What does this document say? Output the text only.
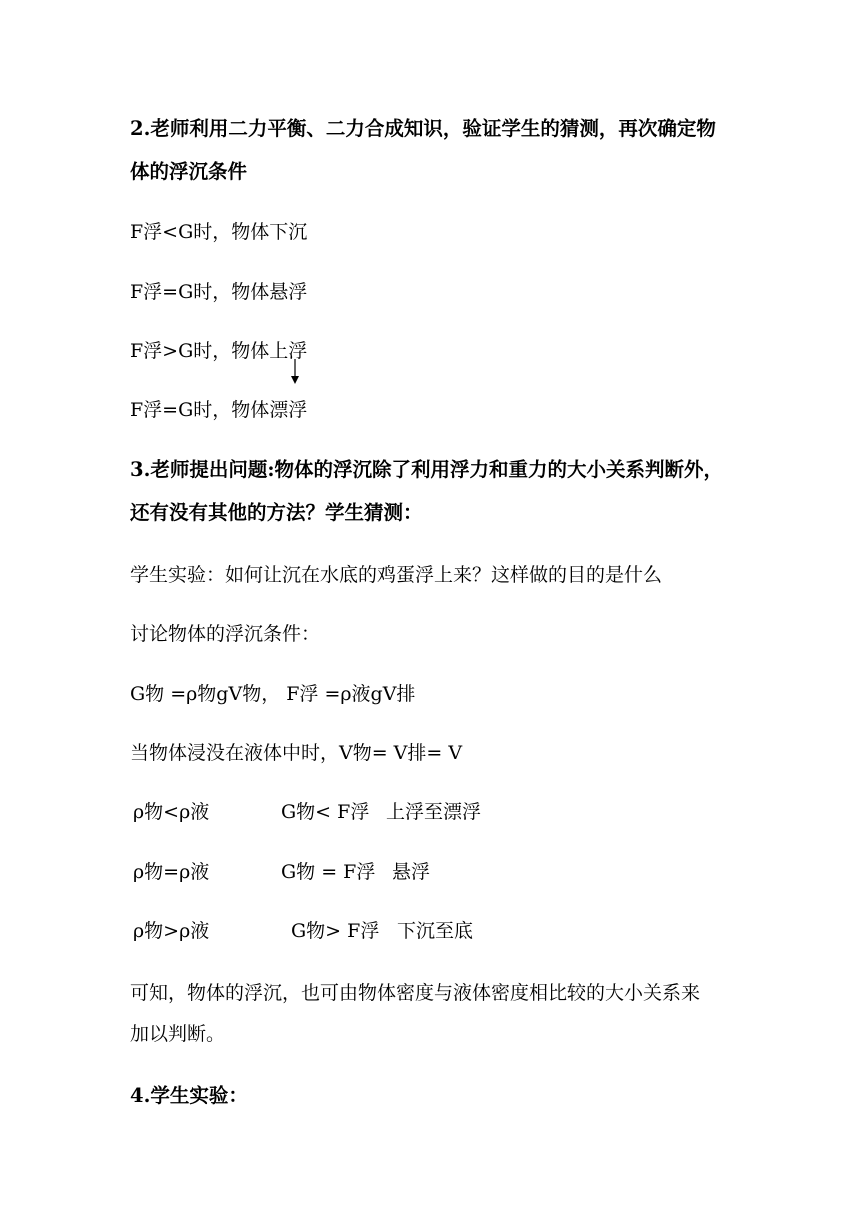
2.老师利用二力平衡、二力合成知识，验证学生的猜测，再次确定物
体的浮沉条件
F浮<G时，物体下沉
F浮=G时，物体悬浮
F浮>G时，物体上浮
F浮=G时，物体漂浮
3.老师提出问题:物体的浮沉除了利用浮力和重力的大小关系判断外，
还有没有其他的方法？学生猜测：
学生实验：如何让沉在水底的鸡蛋浮上来？这样做的目的是什么
讨论物体的浮沉条件：
G物 =ρ物gV物， F浮 =ρ液gV排
当物体浸没在液体中时，V物= V排= V
ρ物<ρ液	G物< F浮 上浮至漂浮
ρ物=ρ液	G物 = F浮 悬浮
ρ物>ρ液	G物> F浮 下沉至底
可知，物体的浮沉，也可由物体密度与液体密度相比较的大小关系来
加以判断。
4.学生实验：
